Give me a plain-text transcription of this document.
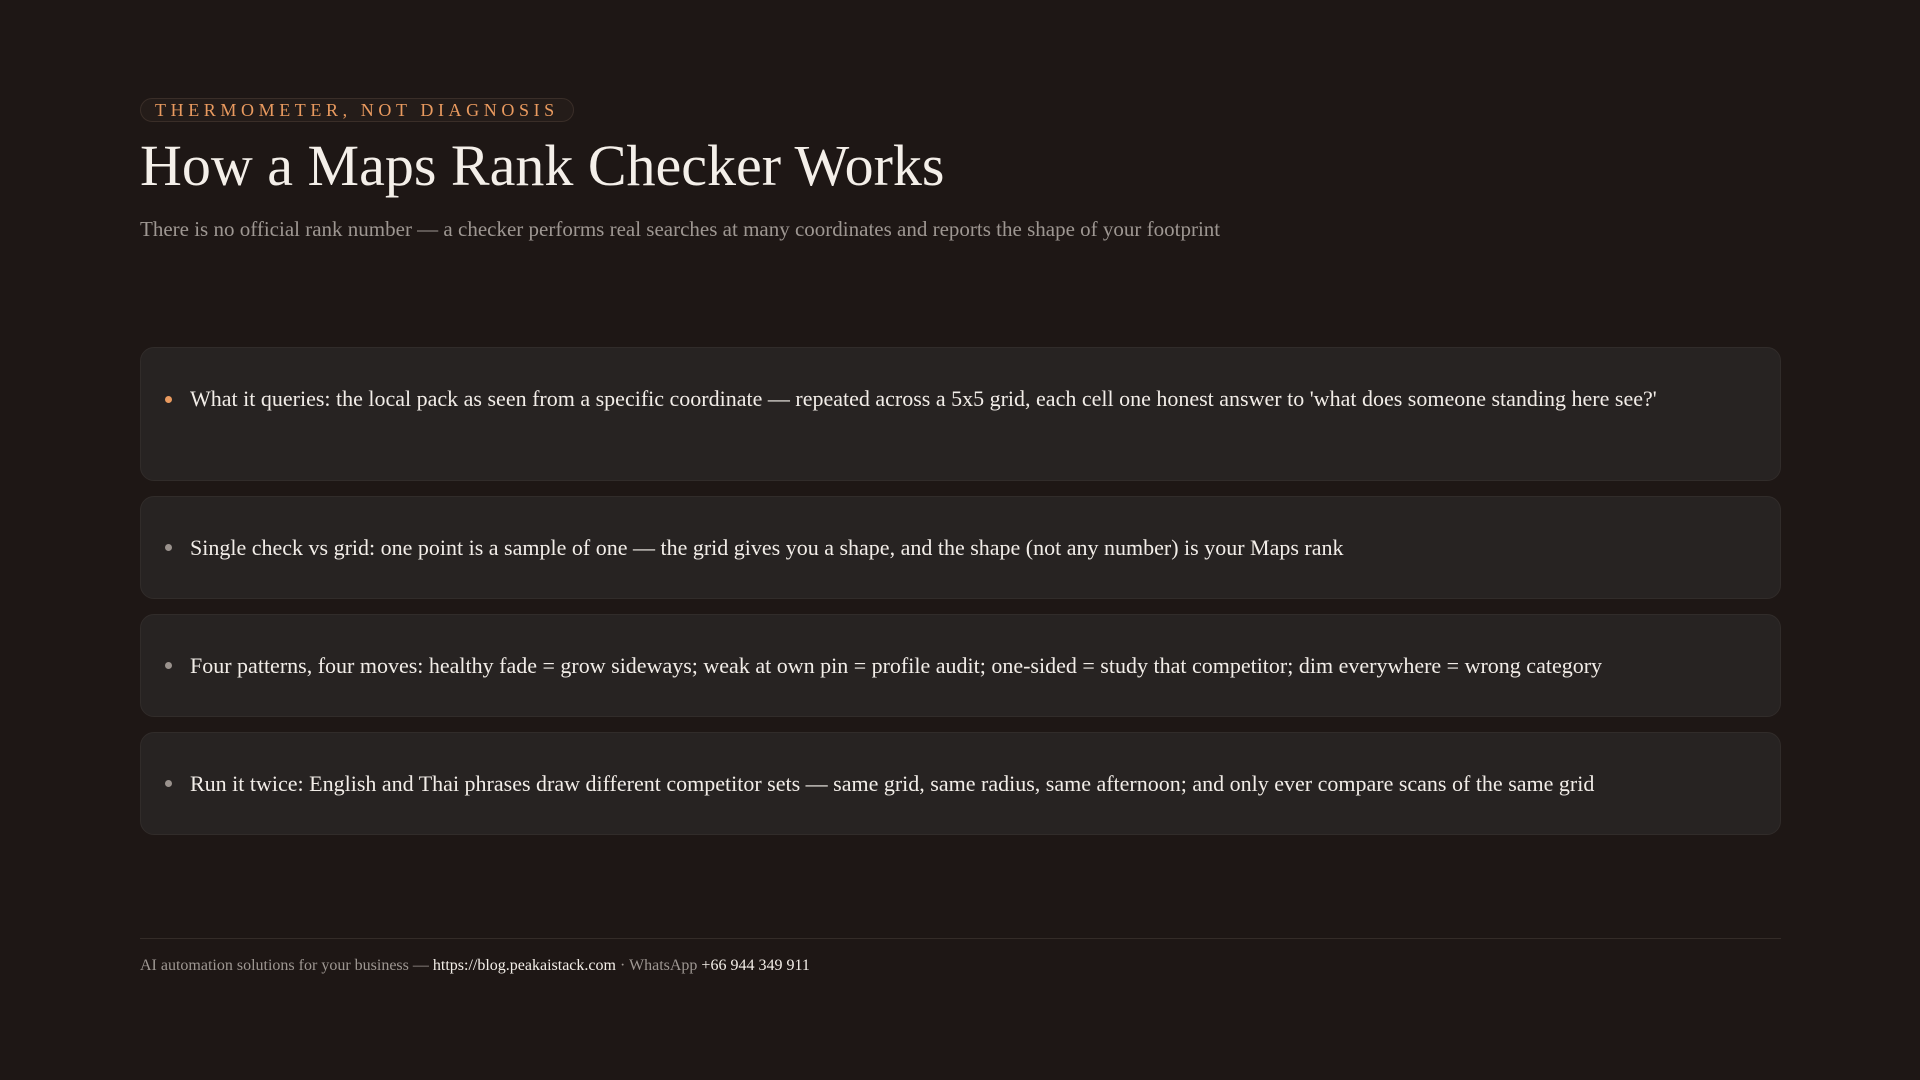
THERMOMETER, NOT DIAGNOSIS
How a Maps Rank Checker Works

There is no official rank number — a checker performs real searches at many coordinates and reports the shape of your footprint

What it queries: the local pack as seen from a specific coordinate — repeated across a 5x5 grid, each cell one honest answer to 'what does someone standing here see?'
Single check vs grid: one point is a sample of one — the grid gives you a shape, and the shape (not any number) is your Maps rank
Four patterns, four moves: healthy fade = grow sideways; weak at own pin = profile audit; one-sided = study that competitor; dim everywhere = wrong category
Run it twice: English and Thai phrases draw different competitor sets — same grid, same radius, same afternoon; and only ever compare scans of the same grid
AI automation solutions for your business — https://blog.peakaistack.com · WhatsApp +66 944 349 911
